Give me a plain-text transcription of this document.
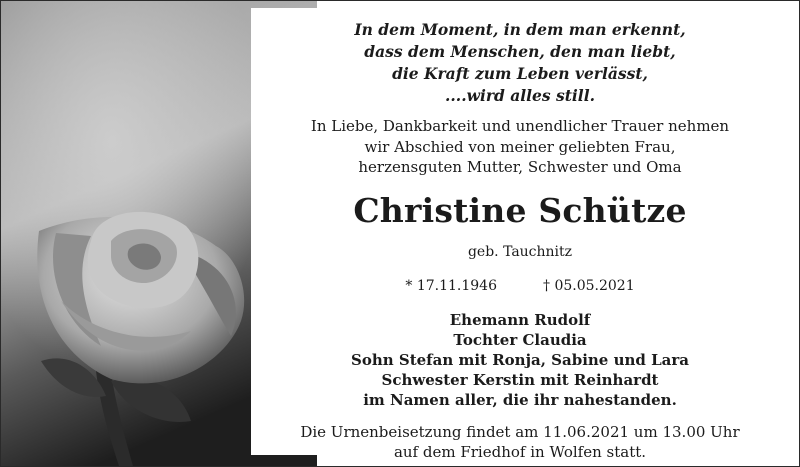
In dem Moment, in dem man erkennt,
dass dem Menschen, den man liebt,
die Kraft zum Leben verlässt,
....wird alles still.
In Liebe, Dankbarkeit und unendlicher Trauer nehmen
wir Abschied von meiner geliebten Frau,
herzensguten Mutter, Schwester und Oma
Christine Schütze
geb. Tauchnitz
* 17.11.1946	† 05.05.2021
Ehemann Rudolf
Tochter Claudia
Sohn Stefan mit Ronja, Sabine und Lara
Schwester Kerstin mit Reinhardt
im Namen aller, die ihr nahestanden.
Die Urnenbeisetzung findet am 11.06.2021 um 13.00 Uhr
auf dem Friedhof in Wolfen statt.
